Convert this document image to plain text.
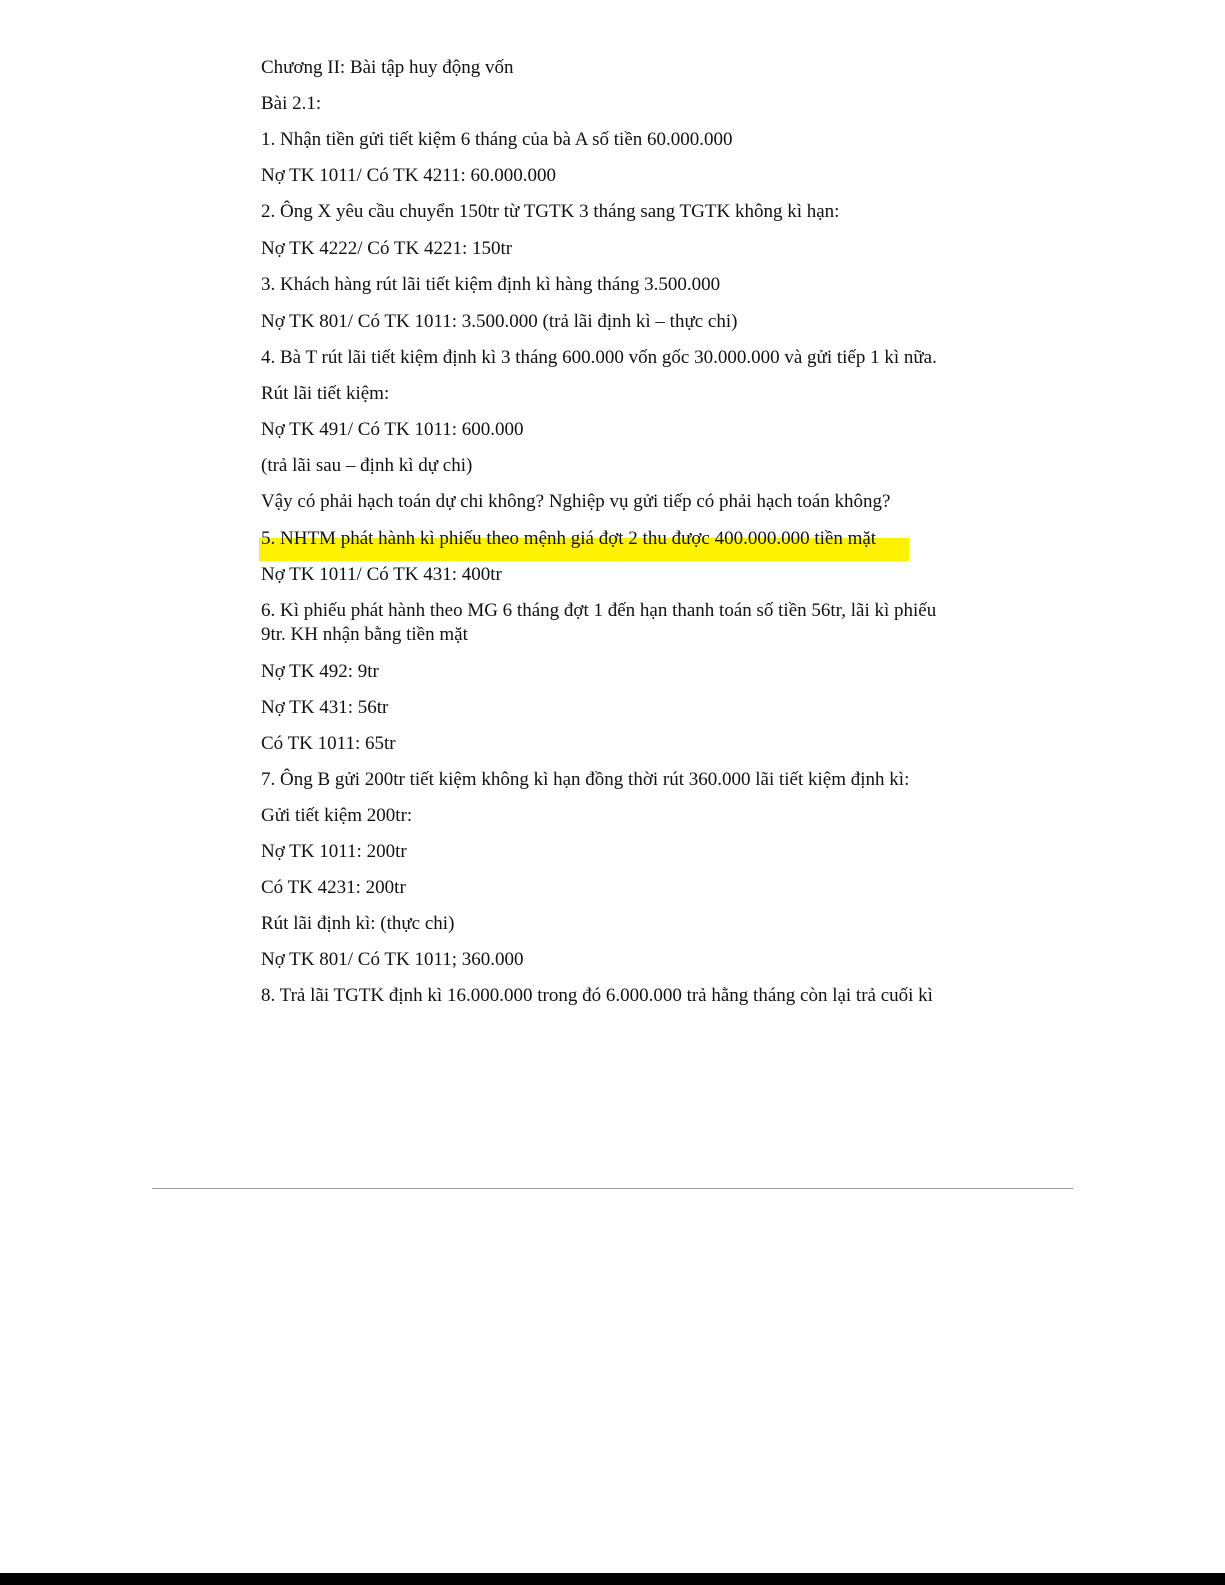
Chương II: Bài tập huy động vốn

Bài 2.1:

1. Nhận tiền gửi tiết kiệm 6 tháng của bà A số tiền 60.000.000

Nợ TK 1011/ Có TK 4211: 60.000.000

2. Ông X yêu cầu chuyển 150tr từ TGTK 3 tháng sang TGTK không kì hạn:

Nợ TK 4222/ Có TK 4221: 150tr

3. Khách hàng rút lãi tiết kiệm định kì hàng tháng 3.500.000

Nợ TK 801/ Có TK 1011: 3.500.000 (trả lãi định kì – thực chi)

4. Bà T rút lãi tiết kiệm định kì 3 tháng 600.000 vốn gốc 30.000.000 và gửi tiếp 1 kì nữa.

Rút lãi tiết kiệm:

Nợ TK 491/ Có TK 1011: 600.000

(trả lãi sau – định kì dự chi)

Vậy có phải hạch toán dự chi không? Nghiệp vụ gửi tiếp có phải hạch toán không?

5. NHTM phát hành kì phiếu theo mệnh giá đợt 2 thu được 400.000.000 tiền mặt

Nợ TK 1011/ Có TK 431: 400tr

6. Kì phiếu phát hành theo MG 6 tháng đợt 1 đến hạn thanh toán số tiền 56tr, lãi kì phiếu 9tr. KH nhận bằng tiền mặt

Nợ TK 492: 9tr

Nợ TK 431: 56tr

Có TK 1011: 65tr

7. Ông B gửi 200tr tiết kiệm không kì hạn đồng thời rút 360.000 lãi tiết kiệm định kì:

Gửi tiết kiệm 200tr:

Nợ TK 1011: 200tr

Có TK 4231: 200tr

Rút lãi định kì: (thực chi)

Nợ TK 801/ Có TK 1011; 360.000

8. Trả lãi TGTK định kì 16.000.000 trong đó 6.000.000 trả hằng tháng còn lại trả cuối kì
